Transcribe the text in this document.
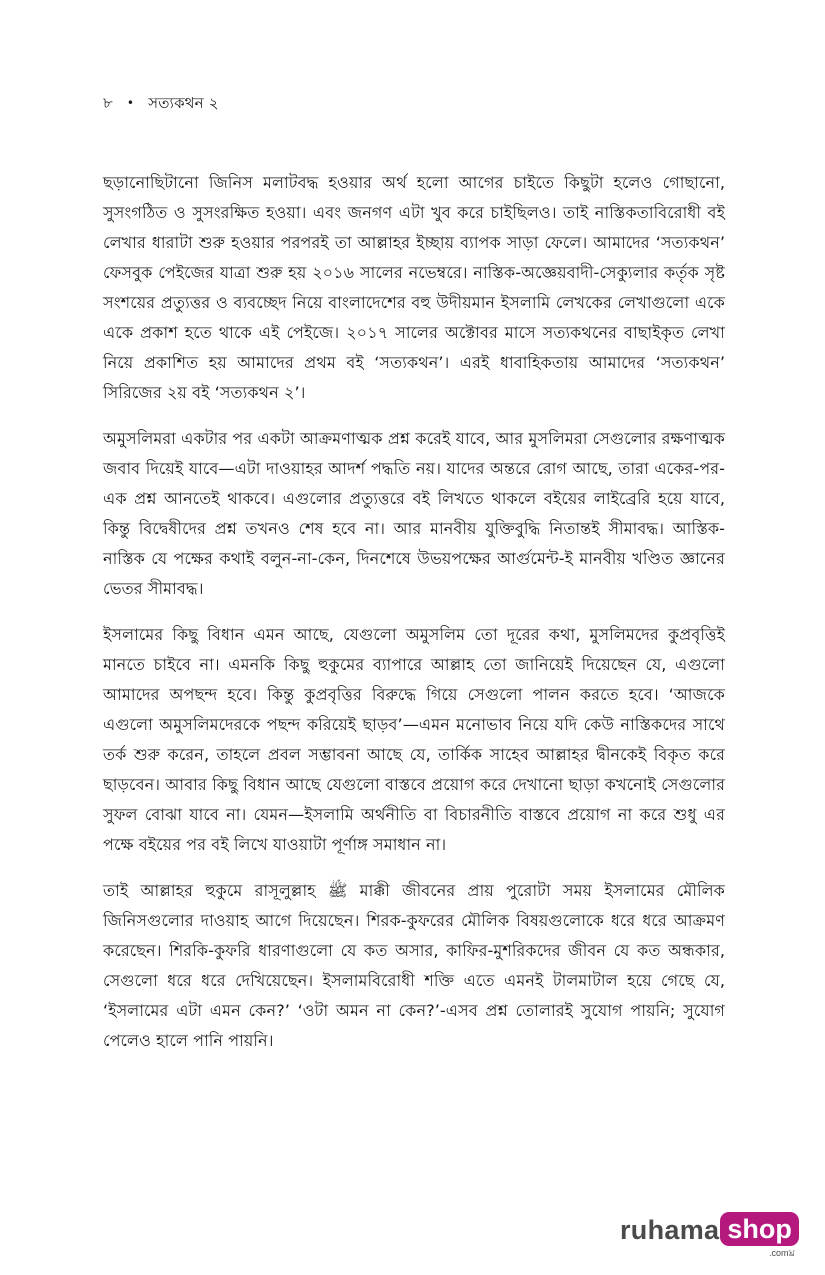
৮ • সত্যকথন ২

ছড়ানোছিটানো জিনিস মলাটবদ্ধ হওয়ার অর্থ হলো আগের চাইতে কিছুটা হলেও গোছানো, সুসংগঠিত ও সুসংরক্ষিত হওয়া। এবং জনগণ এটা খুব করে চাইছিলও। তাই নাস্তিকতাবিরোধী বই লেখার ধারাটা শুরু হওয়ার পরপরই তা আল্লাহর ইচ্ছায় ব্যাপক সাড়া ফেলে। আমাদের ‘সত্যকথন’ ফেসবুক পেইজের যাত্রা শুরু হয় ২০১৬ সালের নভেম্বরে। নাস্তিক-অজ্ঞেয়বাদী-সেক্যুলার কর্তৃক সৃষ্ট সংশয়ের প্রত্যুত্তর ও ব্যবচ্ছেদ নিয়ে বাংলাদেশের বহু উদীয়মান ইসলামি লেখকের লেখাগুলো একে একে প্রকাশ হতে থাকে এই পেইজে। ২০১৭ সালের অক্টোবর মাসে সত্যকথনের বাছাইকৃত লেখা নিয়ে প্রকাশিত হয় আমাদের প্রথম বই ‘সত্যকথন’। এরই ধাবাহিকতায় আমাদের ‘সত্যকথন’ সিরিজের ২য় বই ‘সত্যকথন ২’।

অমুসলিমরা একটার পর একটা আক্রমণাত্মক প্রশ্ন করেই যাবে, আর মুসলিমরা সেগুলোর রক্ষণাত্মক জবাব দিয়েই যাবে—এটা দাওয়াহর আদর্শ পদ্ধতি নয়। যাদের অন্তরে রোগ আছে, তারা একের-পর-এক প্রশ্ন আনতেই থাকবে। এগুলোর প্রত্যুত্তরে বই লিখতে থাকলে বইয়ের লাইব্রেরি হয়ে যাবে, কিন্তু বিদ্বেষীদের প্রশ্ন তখনও শেষ হবে না। আর মানবীয় যুক্তিবুদ্ধি নিতান্তই সীমাবদ্ধ। আস্তিক-নাস্তিক যে পক্ষের কথাই বলুন-না-কেন, দিনশেষে উভয়পক্ষের আর্গুমেন্ট-ই মানবীয় খণ্ডিত জ্ঞানের ভেতর সীমাবদ্ধ।

ইসলামের কিছু বিধান এমন আছে, যেগুলো অমুসলিম তো দূরের কথা, মুসলিমদের কুপ্রবৃত্তিই মানতে চাইবে না। এমনকি কিছু হুকুমের ব্যাপারে আল্লাহ তো জানিয়েই দিয়েছেন যে, এগুলো আমাদের অপছন্দ হবে। কিন্তু কুপ্রবৃত্তির বিরুদ্ধে গিয়ে সেগুলো পালন করতে হবে। ‘আজকে এগুলো অমুসলিমদেরকে পছন্দ করিয়েই ছাড়ব’—এমন মনোভাব নিয়ে যদি কেউ নাস্তিকদের সাথে তর্ক শুরু করেন, তাহলে প্রবল সম্ভাবনা আছে যে, তার্কিক সাহেব আল্লাহর দ্বীনকেই বিকৃত করে ছাড়বেন। আবার কিছু বিধান আছে যেগুলো বাস্তবে প্রয়োগ করে দেখানো ছাড়া কখনোই সেগুলোর সুফল বোঝা যাবে না। যেমন—ইসলামি অর্থনীতি বা বিচারনীতি বাস্তবে প্রয়োগ না করে শুধু এর পক্ষে বইয়ের পর বই লিখে যাওয়াটা পূর্ণাঙ্গ সমাধান না।

তাই আল্লাহর হুকুমে রাসূলুল্লাহ ﷺ মাক্কী জীবনের প্রায় পুরোটা সময় ইসলামের মৌলিক জিনিসগুলোর দাওয়াহ আগে দিয়েছেন। শিরক-কুফরের মৌলিক বিষয়গুলোকে ধরে ধরে আক্রমণ করেছেন। শিরকি-কুফরি ধারণাগুলো যে কত অসার, কাফির-মুশরিকদের জীবন যে কত অন্ধকার, সেগুলো ধরে ধরে দেখিয়েছেন। ইসলামবিরোধী শক্তি এতে এমনই টালমাটাল হয়ে গেছে যে, ‘ইসলামের এটা এমন কেন?’ ‘ওটা অমন না কেন?’-এসব প্রশ্ন তোলারই সুযোগ পায়নি; সুযোগ পেলেও হালে পানি পায়নি।

ruhama shop
.comঘ্র
